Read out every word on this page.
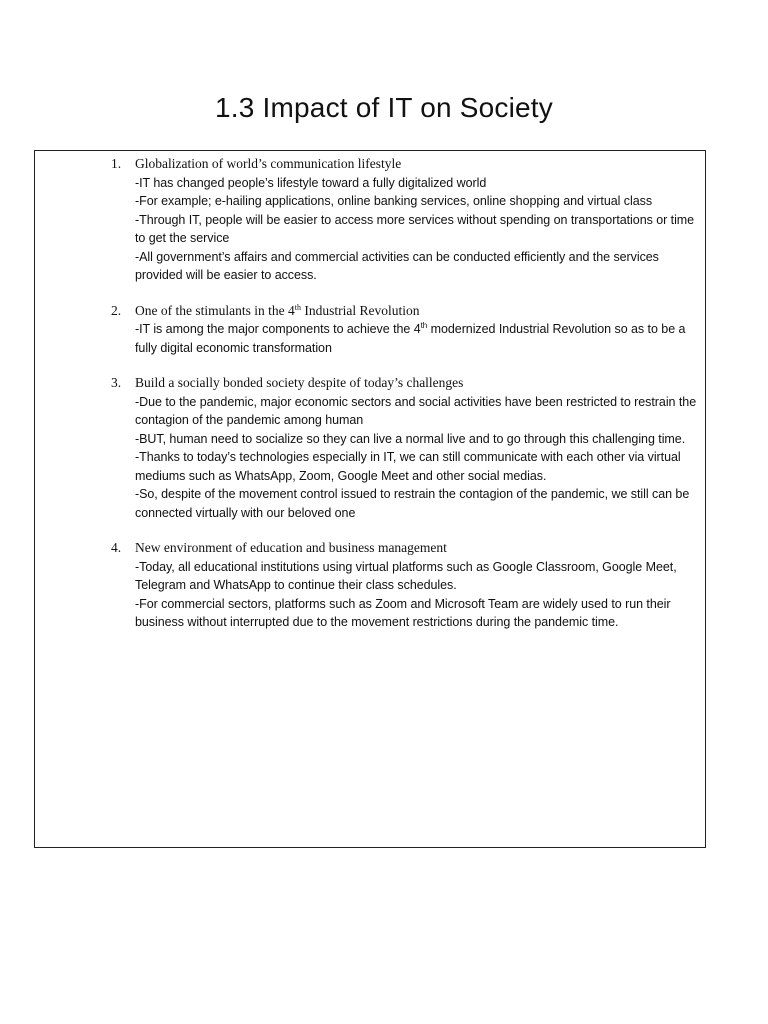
1.3 Impact of IT on Society
1. Globalization of world’s communication lifestyle

-IT has changed people’s lifestyle toward a fully digitalized world

-For example; e-hailing applications, online banking services, online shopping and virtual class

-Through IT, people will be easier to access more services without spending on transportations or time to get the service

-All government’s affairs and commercial activities can be conducted efficiently and the services provided will be easier to access.

2. One of the stimulants in the 4th Industrial Revolution

-IT is among the major components to achieve the 4th modernized Industrial Revolution so as to be a fully digital economic transformation

3. Build a socially bonded society despite of today’s challenges

-Due to the pandemic, major economic sectors and social activities have been restricted to restrain the contagion of the pandemic among human

-BUT, human need to socialize so they can live a normal live and to go through this challenging time.

-Thanks to today’s technologies especially in IT, we can still communicate with each other via virtual mediums such as WhatsApp, Zoom, Google Meet and other social medias.

-So, despite of the movement control issued to restrain the contagion of the pandemic, we still can be connected virtually with our beloved one

4. New environment of education and business management

-Today, all educational institutions using virtual platforms such as Google Classroom, Google Meet, Telegram and WhatsApp to continue their class schedules.

-For commercial sectors, platforms such as Zoom and Microsoft Team are widely used to run their business without interrupted due to the movement restrictions during the pandemic time.
